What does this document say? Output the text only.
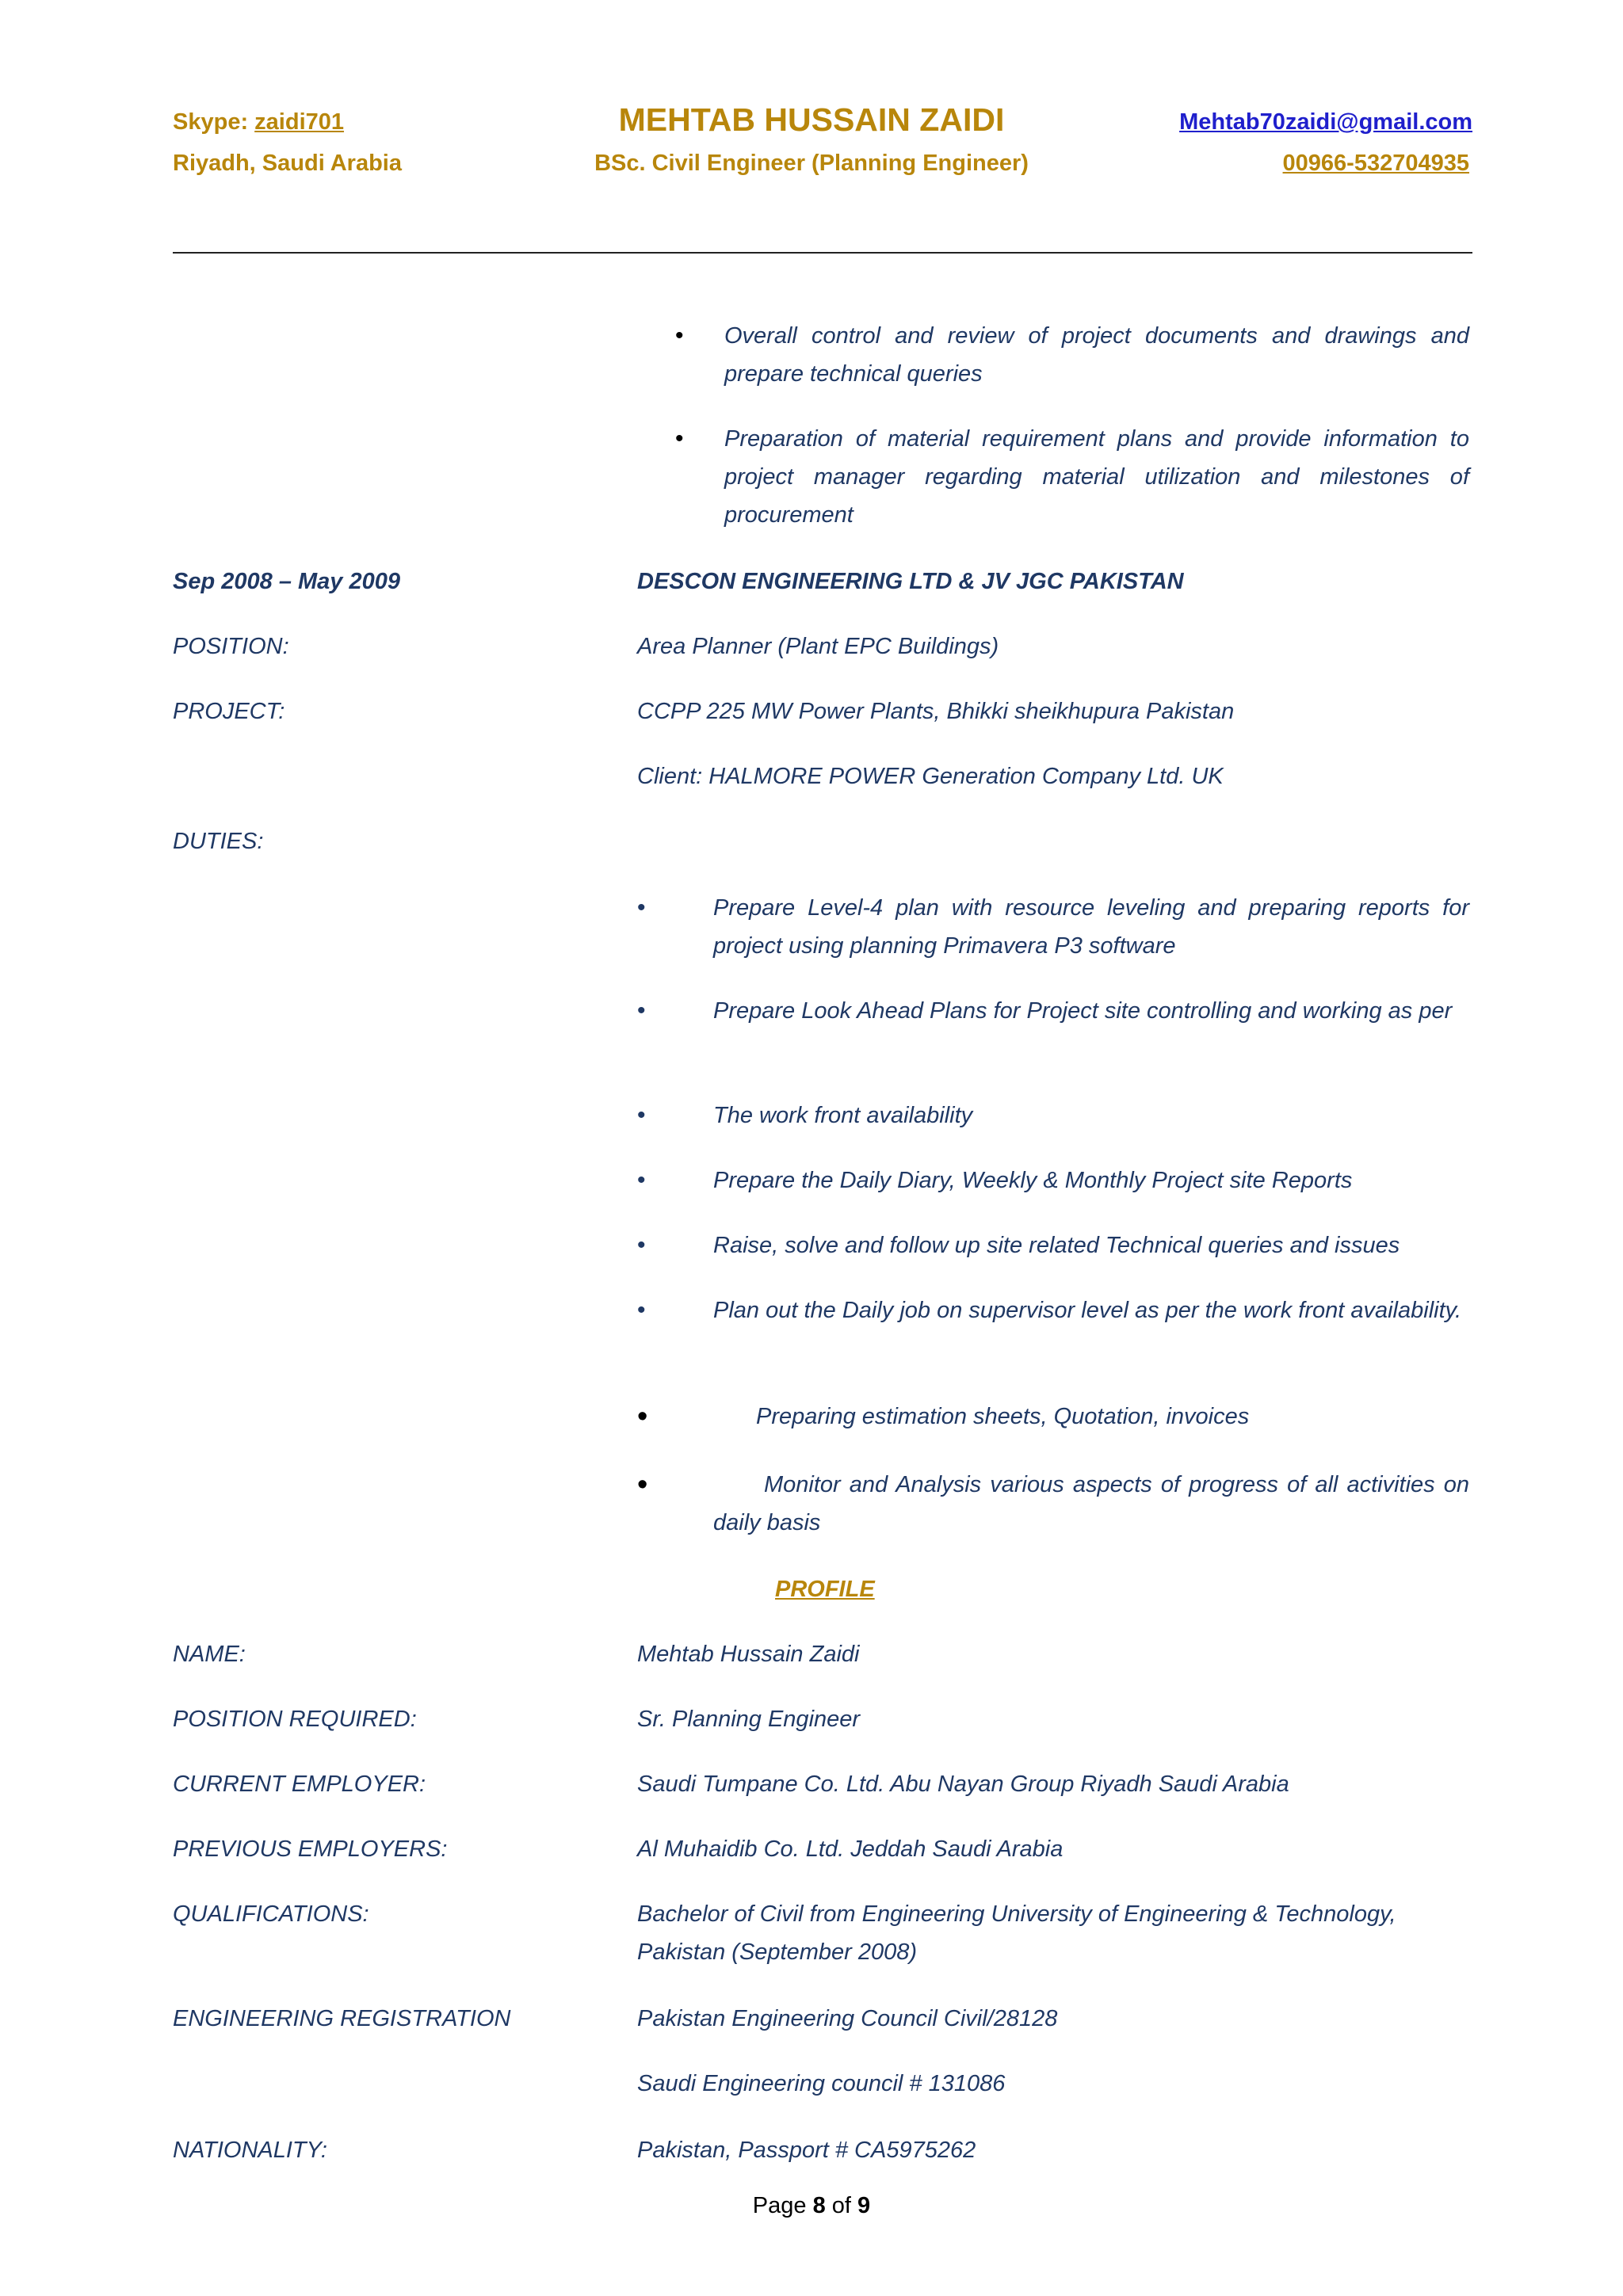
Skype: zaidi701
Riyadh, Saudi Arabia
MEHTAB HUSSAIN ZAIDI
BSc. Civil Engineer (Planning Engineer)
Mehtab70zaidi@gmail.com
00966-532704935
• Overall control and review of project documents and drawings and prepare technical queries
• Preparation of material requirement plans and provide information to project manager regarding material utilization and milestones of procurement
Sep 2008 – May 2009	DESCON ENGINEERING LTD & JV JGC PAKISTAN
POSITION:	Area Planner (Plant EPC Buildings)
PROJECT:	CCPP 225 MW Power Plants, Bhikki sheikhupura Pakistan
Client: HALMORE POWER Generation Company Ltd. UK
DUTIES:
•	Prepare Level-4 plan with resource leveling and preparing reports for project using planning Primavera P3 software
•	Prepare Look Ahead Plans for Project site controlling and working as per
•	The work front availability
•	Prepare the Daily Diary, Weekly & Monthly Project site Reports
•	Raise, solve and follow up site related Technical queries and issues
•	Plan out the Daily job on supervisor level as per the work front availability.
•	Preparing estimation sheets, Quotation, invoices
•	Monitor and Analysis various aspects of progress of all activities on daily basis
PROFILE
NAME:	Mehtab Hussain Zaidi
POSITION REQUIRED:	Sr. Planning Engineer
CURRENT EMPLOYER:	Saudi Tumpane Co. Ltd. Abu Nayan Group Riyadh Saudi Arabia
PREVIOUS EMPLOYERS:	Al Muhaidib Co. Ltd. Jeddah Saudi Arabia
QUALIFICATIONS:	Bachelor of Civil from Engineering University of Engineering & Technology, Pakistan (September 2008)
ENGINEERING REGISTRATION	Pakistan Engineering Council Civil/28128
Saudi Engineering council # 131086
NATIONALITY:	Pakistan, Passport # CA5975262
Page 8 of 9
